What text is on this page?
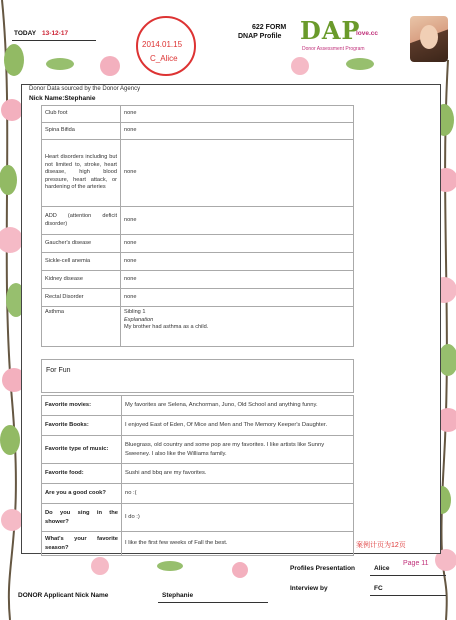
TODAY 13-12-17
2014.01.15
C_Alice
622 FORM
DNAP Profile DAP
love.cc
Donor Assessment Program
Donor Data sourced by the Donor Agency
Nick Name:Stephanie
Club foot	none
Spina Bifida	none
Heart disorders including but not limited to, stroke, heart disease, high blood pressure, heart attack, or hardening of the arteries	none
ADD (attention deficit disorder)	none
Gaucher's disease	none
Sickle-cell anemia	none
Kidney disease	none
Rectal Disorder	none
Asthma	Sibling 1
Explanation
My brother had asthma as a child.
For Fun
Favorite movies:	My favorites are Selena, Anchorman, Juno, Old School and anything funny.
Favorite Books:	I enjoyed East of Eden, Of Mice and Men and The Memory Keeper's Daughter.
Favorite type of music:	Bluegrass, old country and some pop are my favorites. I like artists like Sunny Sweeney. I also like the Williams family.
Favorite food:	Sushi and bbq are my favorites.
Are you a good cook?	no :(
Do you sing in the shower?	I do :)
What's your favorite season?	I like the first few weeks of Fall the best.	案例计页为12页
Page 11
Profiles Presentation	Alice
Interview by	FC
DONOR Applicant Nick Name	Stephanie
